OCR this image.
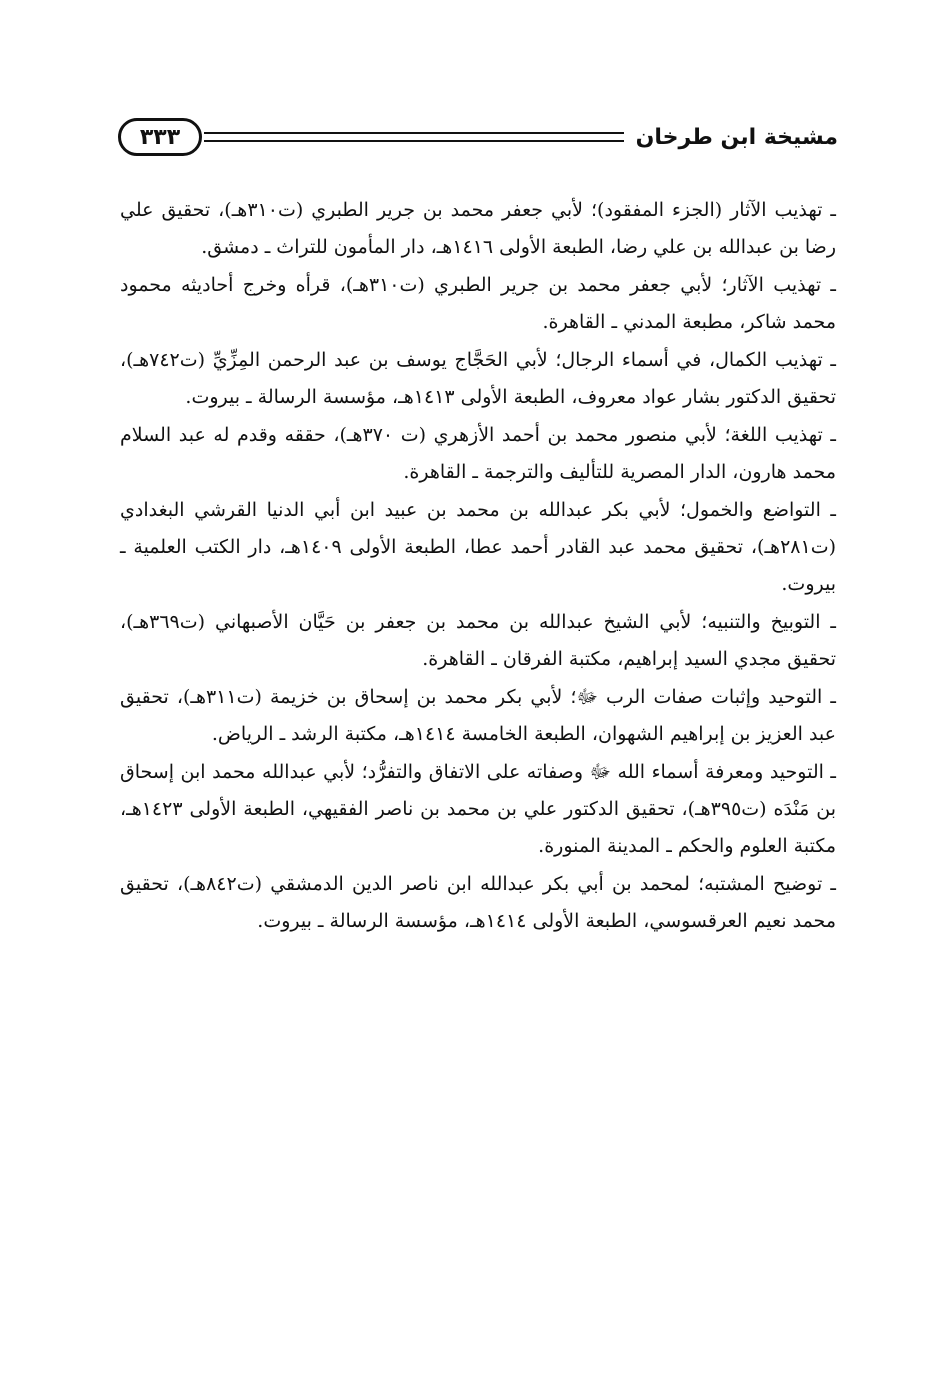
مشيخة ابن طرخان
٣٣٣
ـ تهذيب الآثار (الجزء المفقود)؛ لأبي جعفر محمد بن جرير الطبري (ت٣١٠هـ)، تحقيق علي رضا بن عبدالله بن علي رضا، الطبعة الأولى ١٤١٦هـ، دار المأمون للتراث ـ دمشق.
ـ تهذيب الآثار؛ لأبي جعفر محمد بن جرير الطبري (ت٣١٠هـ)، قرأه وخرج أحاديثه محمود محمد شاكر، مطبعة المدني ـ القاهرة.
ـ تهذيب الكمال، في أسماء الرجال؛ لأبي الحَجَّاج يوسف بن عبد الرحمن المِزِّيِّ (ت٧٤٢هـ)، تحقيق الدكتور بشار عواد معروف، الطبعة الأولى ١٤١٣هـ، مؤسسة الرسالة ـ بيروت.
ـ تهذيب اللغة؛ لأبي منصور محمد بن أحمد الأزهري (ت ٣٧٠هـ)، حققه وقدم له عبد السلام محمد هارون، الدار المصرية للتأليف والترجمة ـ القاهرة.
ـ التواضع والخمول؛ لأبي بكر عبدالله بن محمد بن عبيد ابن أبي الدنيا القرشي البغدادي (ت٢٨١هـ)، تحقيق محمد عبد القادر أحمد عطا، الطبعة الأولى ١٤٠٩هـ، دار الكتب العلمية ـ بيروت.
ـ التوبيخ والتنبيه؛ لأبي الشيخ عبدالله بن محمد بن جعفر بن حَيَّان الأصبهاني (ت٣٦٩هـ)، تحقيق مجدي السيد إبراهيم، مكتبة الفرقان ـ القاهرة.
ـ التوحيد وإثبات صفات الرب ﷻ؛ لأبي بكر محمد بن إسحاق بن خزيمة (ت٣١١هـ)، تحقيق عبد العزيز بن إبراهيم الشهوان، الطبعة الخامسة ١٤١٤هـ، مكتبة الرشد ـ الرياض.
ـ التوحيد ومعرفة أسماء الله ﷻ وصفاته على الاتفاق والتفرُّد؛ لأبي عبدالله محمد ابن إسحاق بن مَنْدَه (ت٣٩٥هـ)، تحقيق الدكتور علي بن محمد بن ناصر الفقيهي، الطبعة الأولى ١٤٢٣هـ، مكتبة العلوم والحكم ـ المدينة المنورة.
ـ توضيح المشتبه؛ لمحمد بن أبي بكر عبدالله ابن ناصر الدين الدمشقي (ت٨٤٢هـ)، تحقيق محمد نعيم العرقسوسي، الطبعة الأولى ١٤١٤هـ، مؤسسة الرسالة ـ بيروت.
